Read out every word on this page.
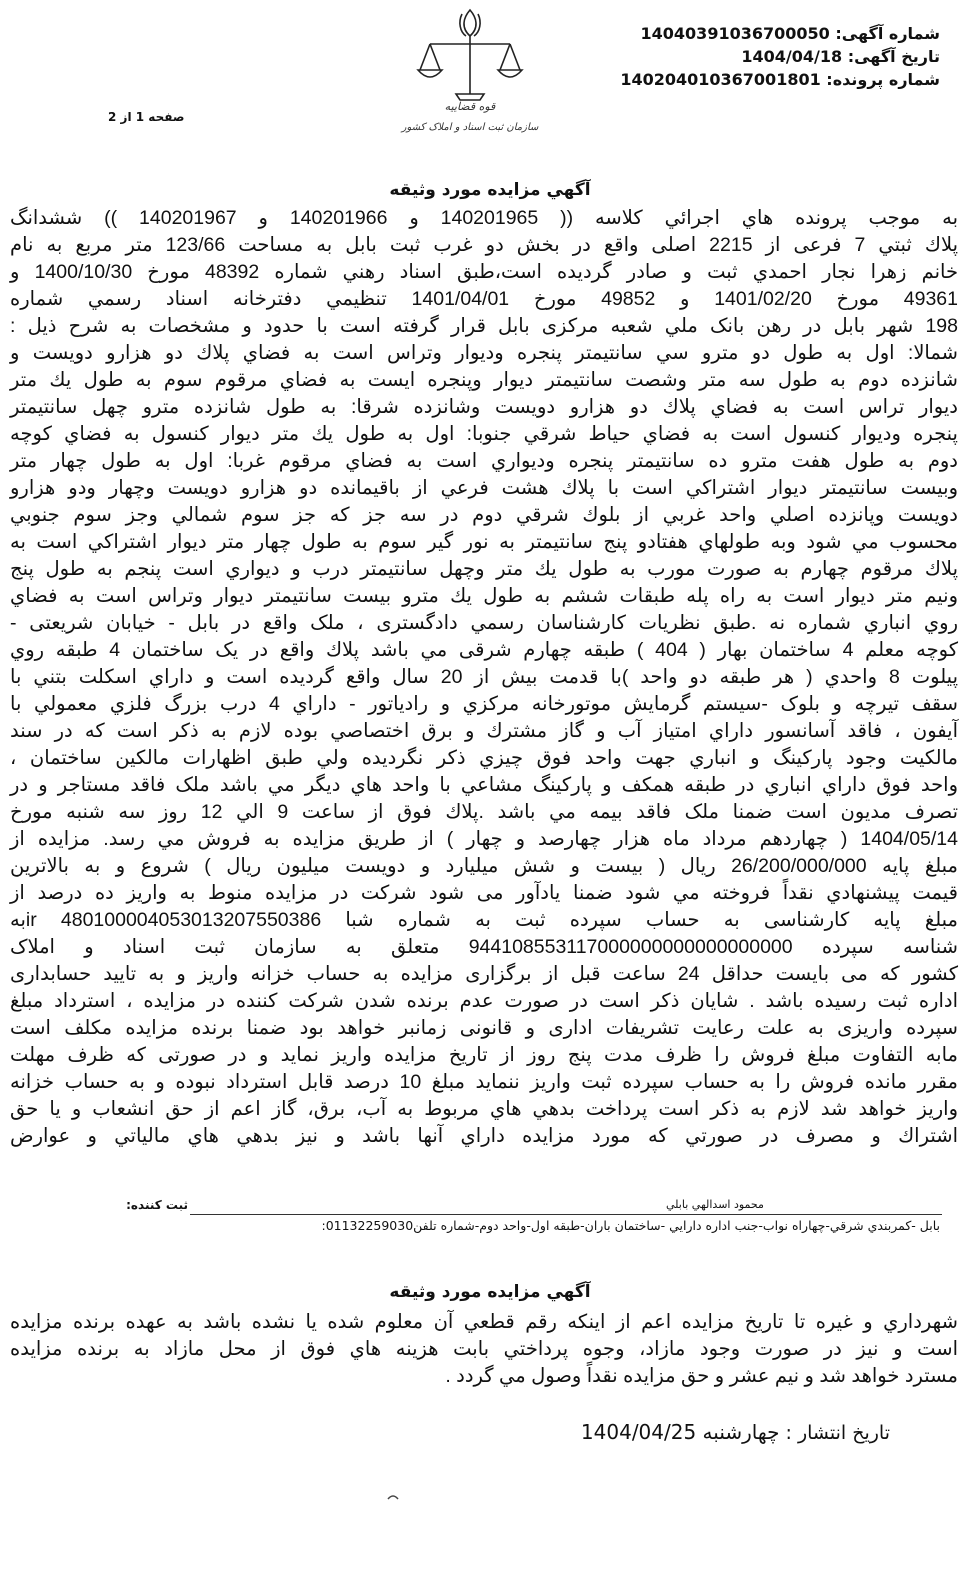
شماره آگهی: 14040391036700050
تاریخ آگهی: 1404/04/18
شماره پرونده: 140204010367001801
قوه قضاییه
سازمان ثبت اسناد و املاک کشور
صفحه 1 از 2
آگهي مزايده مورد وثيقه
به موجب پرونده هاي اجرائي كلاسه (( 140201965 و 140201966 و 140201967 )) ششدانگ
پلاك ثبتي 7 فرعی از 2215 اصلی واقع در بخش دو غرب ثبت بابل به مساحت 123/66 متر مربع به نام
خانم زهرا نجار احمدي ثبت و صادر گرديده است،طبق اسناد رهني شماره 48392 مورخ 1400/10/30 و
49361 مورخ 1401/02/20 و 49852 مورخ 1401/04/01 تنظيمي دفترخانه اسناد رسمي شماره
198 شهر بابل در رهن بانک ملي شعبه مرکزی بابل قرار گرفته است با حدود و مشخصات به شرح ذيل :
شمالا: اول به طول دو مترو سي سانتيمتر پنجره وديوار وتراس است به فضاي پلاك دو هزارو دويست و
شانزده دوم به طول سه متر وشصت سانتيمتر ديوار وپنجره ايست به فضاي مرقوم سوم به طول يك متر
ديوار تراس است به فضاي پلاك دو هزارو دويست وشانزده شرقا: به طول شانزده مترو چهل سانتيمتر
پنجره وديوار كنسول است به فضاي حياط شرقي جنوبا: اول به طول يك متر ديوار كنسول به فضاي كوچه
دوم به طول هفت مترو ده سانتيمتر پنجره وديواري است به فضاي مرقوم غربا: اول به طول چهار متر
وبيست سانتيمتر ديوار اشتراكي است با پلاك هشت فرعي از باقيمانده دو هزارو دويست وچهار ودو هزارو
دويست وپانزده اصلي واحد غربي از بلوك شرقي دوم در سه جز كه جز سوم شمالي وجز سوم جنوبي
محسوب مي شود وبه طولهاي هفتادو پنج سانتيمتر به نور گير سوم به طول چهار متر ديوار اشتراكي است به
پلاك مرقوم چهارم به صورت مورب به طول يك متر وچهل سانتيمتر درب و ديواري است پنجم به طول پنج
ونيم متر ديوار است به راه پله طبقات ششم به طول يك مترو بيست سانتيمتر ديوار وتراس است به فضاي
روي انباري شماره نه .طبق نظريات كارشناسان رسمي دادگستری ، ملک واقع در بابل - خيابان شريعتی -
كوچه معلم 4 ساختمان بهار ( 404 ) طبقه چهارم شرقی مي باشد پلاك واقع در يک ساختمان 4 طبقه روي
پيلوت 8 واحدي ( هر طبقه دو واحد )با قدمت بيش از 20 سال واقع گرديده است و داراي اسكلت بتني با
سقف تيرچه و بلوک -سيستم گرمايش موتورخانه مركزي و رادياتور - داراي 4 درب بزرگ فلزي معمولي با
آيفون ، فاقد آسانسور داراي امتياز آب و گاز مشترك و برق اختصاصي بوده لازم به ذكر است كه در سند
مالكيت وجود پاركينگ و انباري جهت واحد فوق چيزي ذكر نگرديده ولي طبق اظهارات مالكين ساختمان ،
واحد فوق داراي انباري در طبقه همكف و پاركينگ مشاعي با واحد هاي ديگر مي باشد ملک فاقد مستاجر و در
تصرف مديون است ضمنا ملک فاقد بيمه مي باشد .پلاك فوق از ساعت 9 الي 12 روز سه شنبه مورخ
1404/05/14 ( چهاردهم مرداد ماه هزار چهارصد و چهار ) از طريق مزايده به فروش مي رسد. مزايده از
مبلغ پايه 26/200/000/000 ريال ( بيست و شش ميليارد و دويست ميليون ريال ) شروع و به بالاترين
قيمت پيشنهادي نقداً فروخته مي شود ضمنا يادآور می شود شركت در مزايده منوط به واريز ده درصد از
مبلغ پايه كارشناسی به حساب سپرده ثبت به شماره شبا ir 480100004053013207550386به
شناسه سپرده 944108553117000000000000000000 متعلق به سازمان ثبت اسناد و املاک
كشور كه می بايست حداقل 24 ساعت قبل از برگزاری مزايده به حساب خزانه واريز و به تاييد حسابداری
اداره ثبت رسيده باشد . شايان ذكر است در صورت عدم برنده شدن شركت كننده در مزايده ، استرداد مبلغ
سپرده واريزی به علت رعايت تشريفات اداری و قانونی زمانبر خواهد بود ضمنا برنده مزايده مكلف است
مابه التفاوت مبلغ فروش را ظرف مدت پنج روز از تاريخ مزايده واريز نمايد و در صورتی كه ظرف مهلت
مقرر مانده فروش را به حساب سپرده ثبت واريز ننمايد مبلغ 10 درصد قابل استرداد نبوده و به حساب خزانه
واريز خواهد شد لازم به ذكر است پرداخت بدهي هاي مربوط به آب، برق، گاز اعم از حق انشعاب و يا حق
اشتراك و مصرف در صورتي كه مورد مزايده داراي آنها باشد و نيز بدهي هاي مالياتي و عوارض
ثبت كننده:	محمود اسدالهي بابلي
بابل -كمربندي شرقي-چهاراه نواب-جنب اداره دارايي -ساختمان باران-طبقه اول-واحد دوم-شماره تلفن01132259030:
آگهي مزايده مورد وثيقه
شهرداري و غيره تا تاريخ مزايده اعم از اينكه رقم قطعي آن معلوم شده يا نشده باشد به عهده برنده مزايده
است و نيز در صورت وجود مازاد، وجوه پرداختي بابت هزينه هاي فوق از محل مازاد به برنده مزايده
مسترد خواهد شد و نيم عشر و حق مزايده نقداً وصول مي گردد .
تاريخ انتشار : چهارشنبه 1404/04/25
